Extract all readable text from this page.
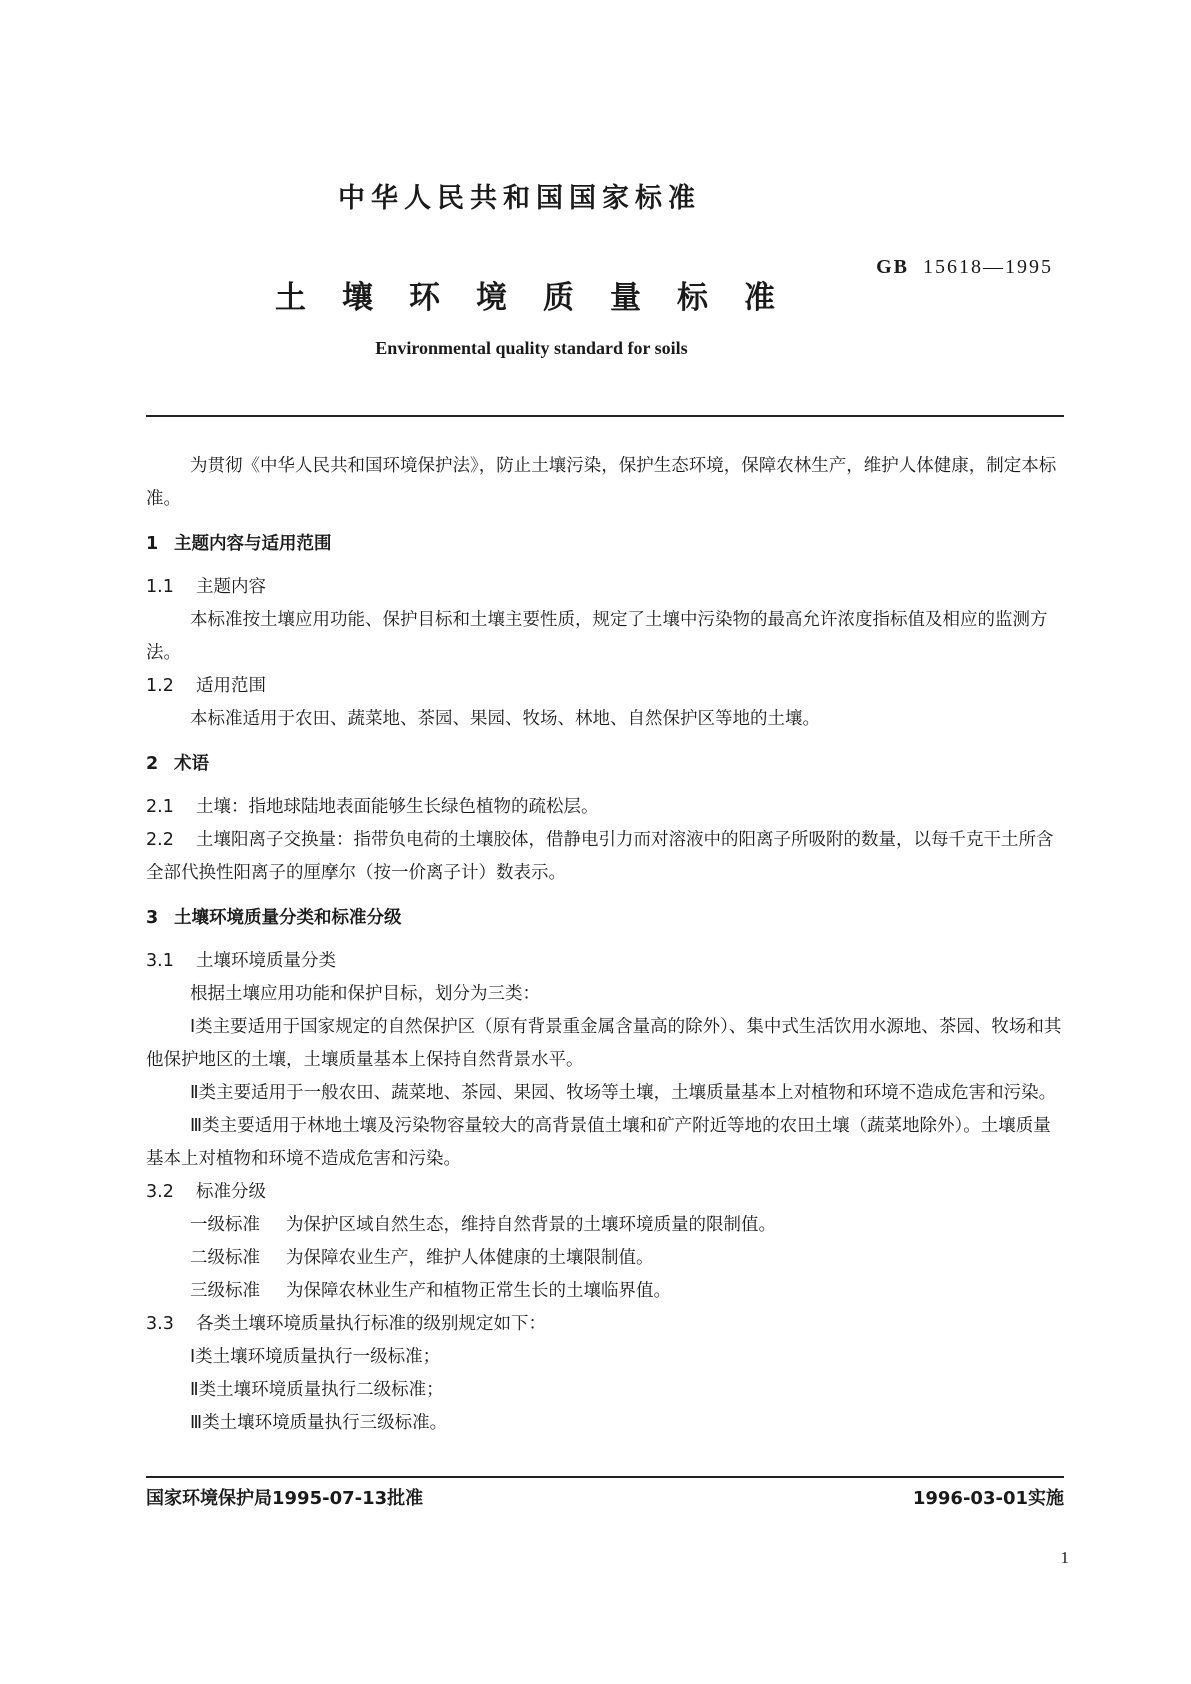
中华人民共和国国家标准
GB 15618—1995
土壤环境质量标准
Environmental quality standard for soils

为贯彻《中华人民共和国环境保护法》，防止土壤污染，保护生态环境，保障农林生产，维护人体健康，制定本标准。

1 主题内容与适用范围

1.1 主题内容

本标准按土壤应用功能、保护目标和土壤主要性质，规定了土壤中污染物的最高允许浓度指标值及相应的监测方法。

1.2 适用范围

本标准适用于农田、蔬菜地、茶园、果园、牧场、林地、自然保护区等地的土壤。

2 术语

2.1 土壤：指地球陆地表面能够生长绿色植物的疏松层。

2.2 土壤阳离子交换量：指带负电荷的土壤胶体，借静电引力而对溶液中的阳离子所吸附的数量，以每千克干土所含全部代换性阳离子的厘摩尔（按一价离子计）数表示。

3 土壤环境质量分类和标准分级

3.1 土壤环境质量分类

根据土壤应用功能和保护目标，划分为三类：

Ⅰ类主要适用于国家规定的自然保护区（原有背景重金属含量高的除外）、集中式生活饮用水源地、茶园、牧场和其他保护地区的土壤，土壤质量基本上保持自然背景水平。

Ⅱ类主要适用于一般农田、蔬菜地、茶园、果园、牧场等土壤，土壤质量基本上对植物和环境不造成危害和污染。

Ⅲ类主要适用于林地土壤及污染物容量较大的高背景值土壤和矿产附近等地的农田土壤（蔬菜地除外）。土壤质量基本上对植物和环境不造成危害和污染。

3.2 标准分级

一级标准 为保护区域自然生态，维持自然背景的土壤环境质量的限制值。

二级标准 为保障农业生产，维护人体健康的土壤限制值。

三级标准 为保障农林业生产和植物正常生长的土壤临界值。

3.3 各类土壤环境质量执行标准的级别规定如下：

Ⅰ类土壤环境质量执行一级标准；

Ⅱ类土壤环境质量执行二级标准；

Ⅲ类土壤环境质量执行三级标准。

国家环境保护局1995-07-13批准	1996-03-01实施
1
